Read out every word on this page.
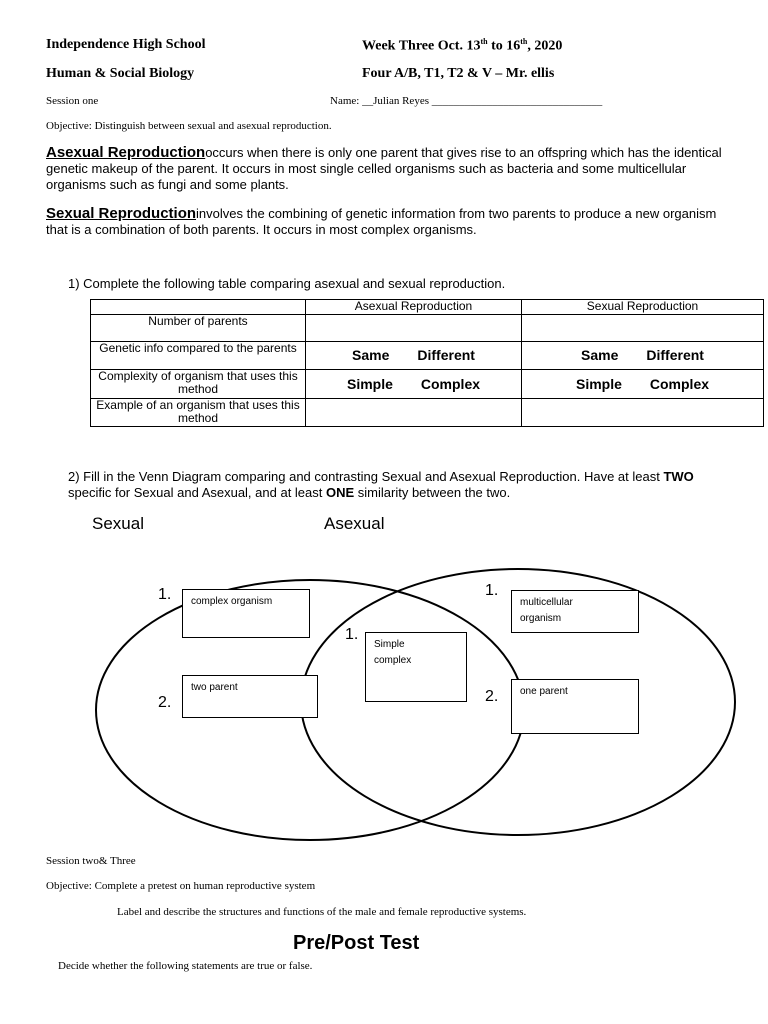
Independence High School	Week Three Oct. 13th to 16th, 2020
Human & Social Biology	Four A/B, T1, T2 & V – Mr. ellis
Session one	Name: __Julian Reyes _______________________________
Objective: Distinguish between sexual and asexual reproduction.
Asexual Reproductionoccurs when there is only one parent that gives rise to an offspring which has the identical genetic makeup of the parent. It occurs in most single celled organisms such as bacteria and some multicellular organisms such as fungi and some plants.
Sexual Reproductioninvolves the combining of genetic information from two parents to produce a new organism that is a combination of both parents. It occurs in most complex organisms.
1) Complete the following table comparing asexual and sexual reproduction.
	Asexual Reproduction	Sexual Reproduction
Number of parents		
Genetic info compared to the parents	Same Different	Same Different
Complexity of organism that uses this method	Simple Complex	Simple Complex
Example of an organism that uses this method		
2) Fill in the Venn Diagram comparing and contrasting Sexual and Asexual Reproduction. Have at least TWO specific for Sexual and Asexual, and at least ONE similarity between the two.
Sexual	Asexual
1.	complex organism
2.
two parent
1.
Simple complex
1.
multicellular organism
2.	one parent
Session two& Three
Objective: Complete a pretest on human reproductive system
Label and describe the structures and functions of the male and female reproductive systems.
Pre/Post Test
Decide whether the following statements are true or false.
